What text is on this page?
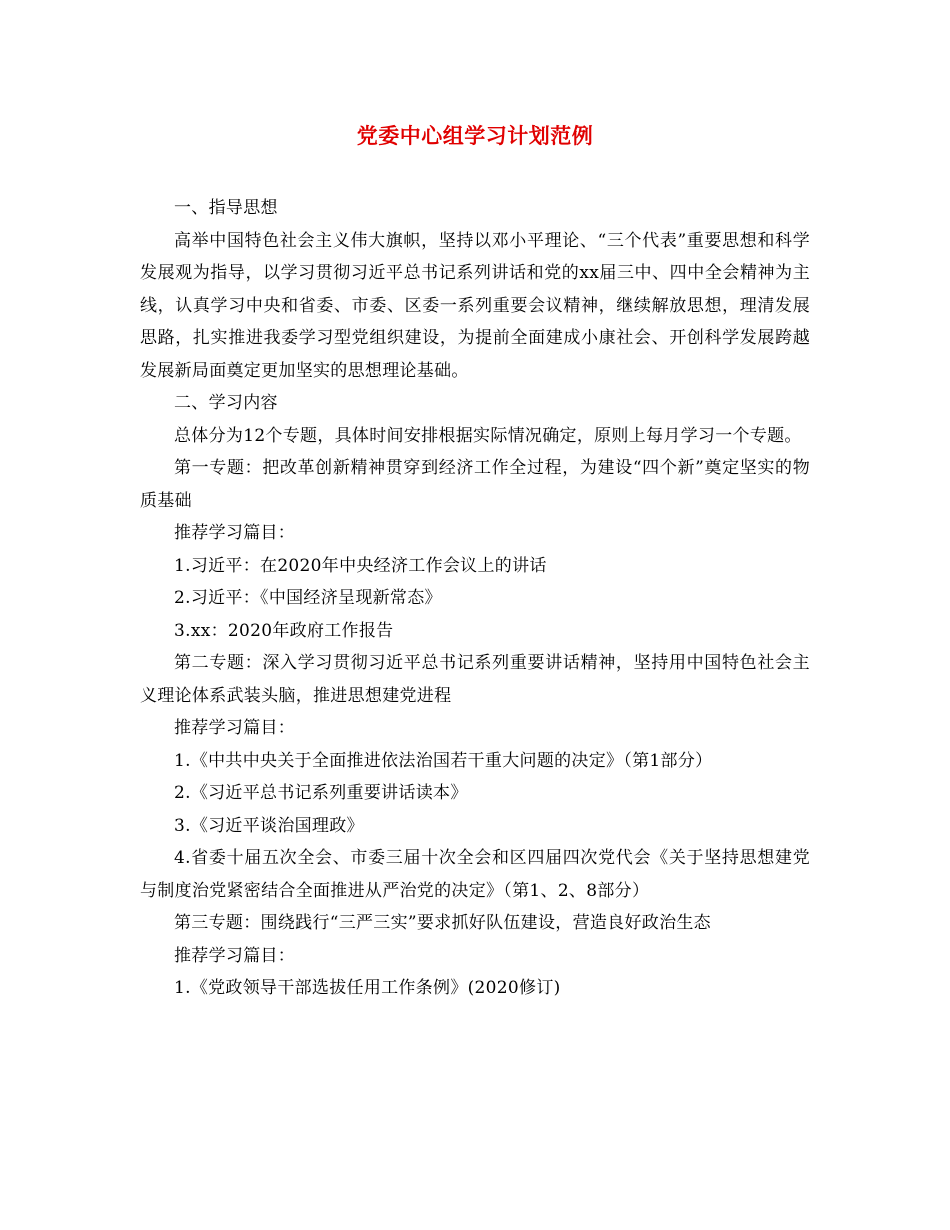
党委中心组学习计划范例

一、指导思想

高举中国特色社会主义伟大旗帜，坚持以邓小平理论、“三个代表”重要思想和科学发展观为指导，以学习贯彻习近平总书记系列讲话和党的xx届三中、四中全会精神为主线，认真学习中央和省委、市委、区委一系列重要会议精神，继续解放思想，理清发展思路，扎实推进我委学习型党组织建设，为提前全面建成小康社会、开创科学发展跨越发展新局面奠定更加坚实的思想理论基础。

二、学习内容

总体分为12个专题，具体时间安排根据实际情况确定，原则上每月学习一个专题。

第一专题：把改革创新精神贯穿到经济工作全过程，为建设“四个新”奠定坚实的物质基础

推荐学习篇目：

1.习近平：在2020年中央经济工作会议上的讲话

2.习近平：《中国经济呈现新常态》

3.xx：2020年政府工作报告

第二专题：深入学习贯彻习近平总书记系列重要讲话精神，坚持用中国特色社会主义理论体系武装头脑，推进思想建党进程

推荐学习篇目：

1.《中共中央关于全面推进依法治国若干重大问题的决定》（第1部分）

2.《习近平总书记系列重要讲话读本》

3.《习近平谈治国理政》

4.省委十届五次全会、市委三届十次全会和区四届四次党代会《关于坚持思想建党与制度治党紧密结合全面推进从严治党的决定》（第1、2、8部分）

第三专题：围绕践行“三严三实”要求抓好队伍建设，营造良好政治生态

推荐学习篇目：

1.《党政领导干部选拔任用工作条例》(2020修订)
